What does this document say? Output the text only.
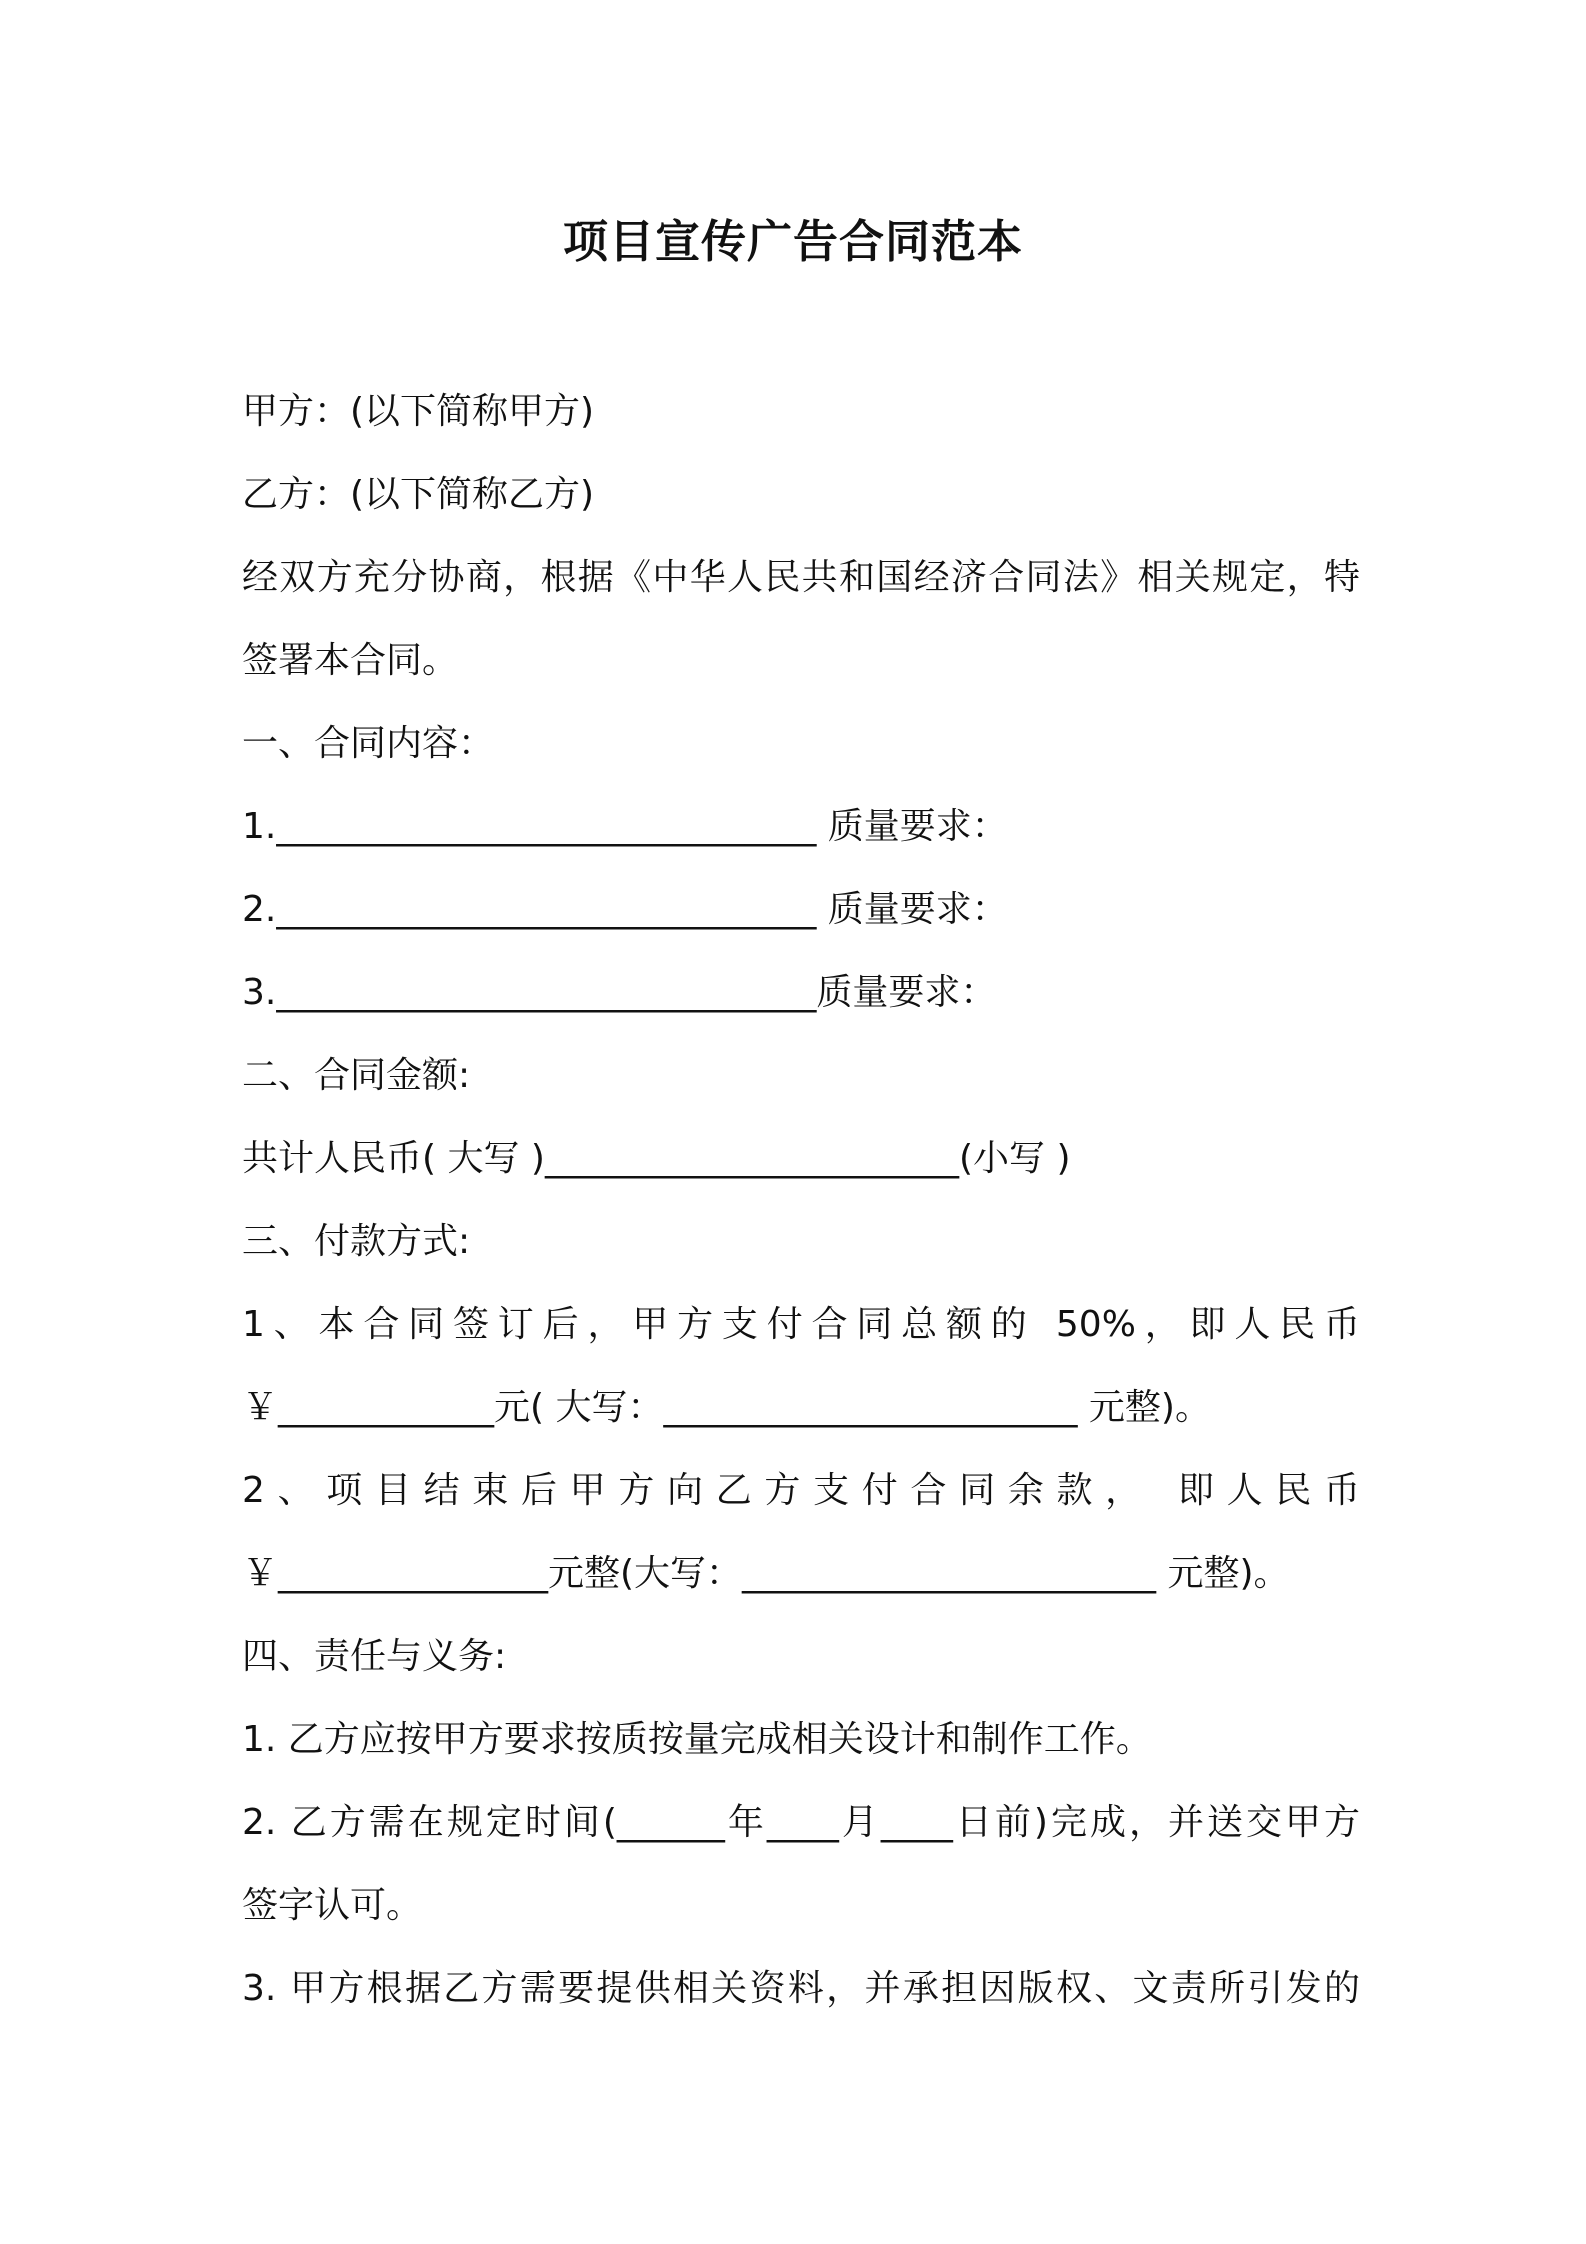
项目宣传广告合同范本
甲方：(以下简称甲方)
乙方：(以下简称乙方)
经双方充分协商，根据《中华人民共和国经济合同法》相关规定，特
签署本合同。
一、合同内容：
1.______________________________ 质量要求：
2.______________________________ 质量要求：
3.______________________________质量要求：
二、合同金额:
共计人民币( 大写 )_______________________(小写 )
三、付款方式:
1、本合同签订后，甲方支付合同总额的 50%，即人民币
￥____________元( 大写：_______________________ 元整)。
2、项目结束后甲方向乙方支付合同余款， 即人民币
￥_______________元整(大写：_______________________ 元整)。
四、责任与义务:
1. 乙方应按甲方要求按质按量完成相关设计和制作工作。
2. 乙方需在规定时间(______年____月____日前)完成，并送交甲方
签字认可。
3. 甲方根据乙方需要提供相关资料，并承担因版权、文责所引发的
